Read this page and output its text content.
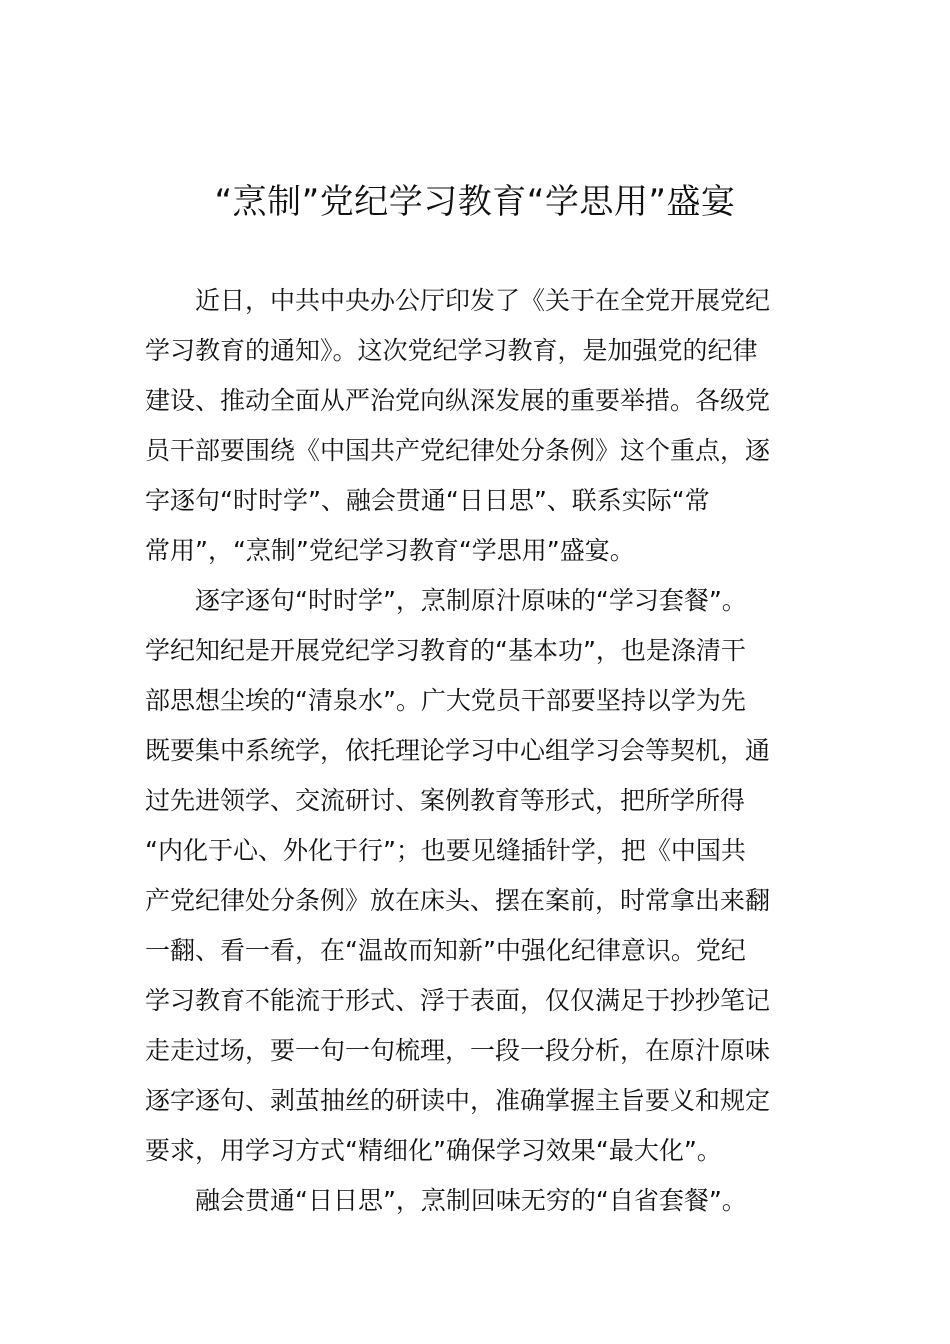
“烹制”党纪学习教育“学思用”盛宴
近日，中共中央办公厅印发了《关于在全党开展党纪
学习教育的通知》。这次党纪学习教育，是加强党的纪律
建设、推动全面从严治党向纵深发展的重要举措。各级党
员干部要围绕《中国共产党纪律处分条例》这个重点，逐
字逐句“时时学”、融会贯通“日日思”、联系实际“常
常用”，“烹制”党纪学习教育“学思用”盛宴。
逐字逐句“时时学”，烹制原汁原味的“学习套餐”。
学纪知纪是开展党纪学习教育的“基本功”，也是涤清干
部思想尘埃的“清泉水”。广大党员干部要坚持以学为先
既要集中系统学，依托理论学习中心组学习会等契机，通
过先进领学、交流研讨、案例教育等形式，把所学所得
“内化于心、外化于行”；也要见缝插针学，把《中国共
产党纪律处分条例》放在床头、摆在案前，时常拿出来翻
一翻、看一看，在“温故而知新”中强化纪律意识。党纪
学习教育不能流于形式、浮于表面，仅仅满足于抄抄笔记
走走过场，要一句一句梳理，一段一段分析，在原汁原味
逐字逐句、剥茧抽丝的研读中，准确掌握主旨要义和规定
要求，用学习方式“精细化”确保学习效果“最大化”。
融会贯通“日日思”，烹制回味无穷的“自省套餐”。
